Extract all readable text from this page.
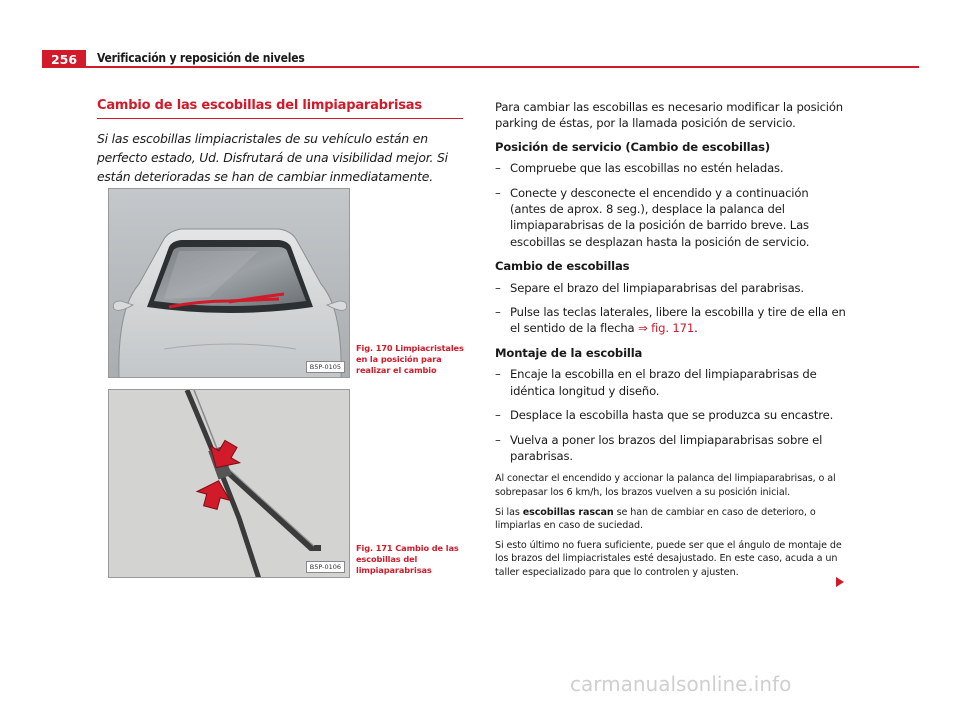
256	Verificación y reposición de niveles
Cambio de las escobillas del limpiaparabrisas
Si las escobillas limpiacristales de su vehículo están en perfecto estado, Ud. Disfrutará de una visibilidad mejor. Si están deterioradas se han de cambiar inmediatamente.
B5P-0105
Fig. 170 Limpiacristales en la posición para realizar el cambio
B5P-0106
Fig. 171 Cambio de las escobillas del limpiaparabrisas

Para cambiar las escobillas es necesario modificar la posición parking de éstas, por la llamada posición de servicio.

Posición de servicio (Cambio de escobillas)

– Compruebe que las escobillas no estén heladas.
– Conecte y desconecte el encendido y a continuación (antes de aprox. 8 seg.), desplace la palanca del limpiaparabrisas de la posición de barrido breve. Las escobillas se desplazan hasta la posición de servicio.

Cambio de escobillas

– Separe el brazo del limpiaparabrisas del parabrisas.
– Pulse las teclas laterales, libere la escobilla y tire de ella en el sentido de la flecha ⇒ fig. 171.

Montaje de la escobilla

– Encaje la escobilla en el brazo del limpiaparabrisas de idéntica longitud y diseño.
– Desplace la escobilla hasta que se produzca su encastre.
– Vuelva a poner los brazos del limpiaparabrisas sobre el parabrisas.

Al conectar el encendido y accionar la palanca del limpiaparabrisas, o al sobrepasar los 6 km/h, los brazos vuelven a su posición inicial.

Si las escobillas rascan se han de cambiar en caso de deterioro, o limpiarlas en caso de suciedad.

Si esto último no fuera suficiente, puede ser que el ángulo de montaje de los brazos del limpiacristales esté desajustado. En este caso, acuda a un taller especializado para que lo controlen y ajusten.

carmanualsonline.info
